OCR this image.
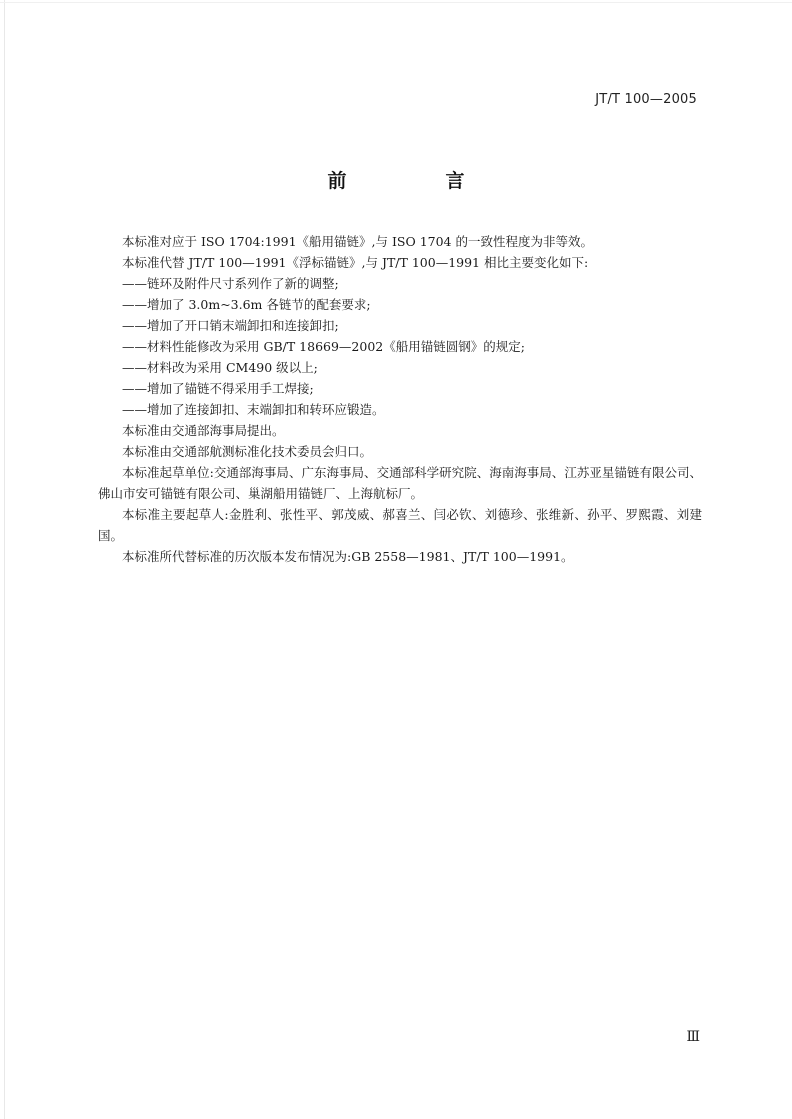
JT/T 100—2005
前　言

本标准对应于 ISO 1704:1991《船用锚链》,与 ISO 1704 的一致性程度为非等效。

本标准代替 JT/T 100—1991《浮标锚链》,与 JT/T 100—1991 相比主要变化如下:

——链环及附件尺寸系列作了新的调整;

——增加了 3.0m~3.6m 各链节的配套要求;

——增加了开口销末端卸扣和连接卸扣;

——材料性能修改为采用 GB/T 18669—2002《船用锚链圆钢》的规定;

——材料改为采用 CM490 级以上;

——增加了锚链不得采用手工焊接;

——增加了连接卸扣、末端卸扣和转环应锻造。

本标准由交通部海事局提出。

本标准由交通部航测标准化技术委员会归口。

本标准起草单位:交通部海事局、广东海事局、交通部科学研究院、海南海事局、江苏亚星锚链有限公司、佛山市安可锚链有限公司、巢湖船用锚链厂、上海航标厂。

本标准主要起草人:金胜利、张性平、郭茂威、郝喜兰、闫必钦、刘德珍、张维新、孙平、罗熙霞、刘建国。

本标准所代替标准的历次版本发布情况为:GB 2558—1981、JT/T 100—1991。

Ⅲ
